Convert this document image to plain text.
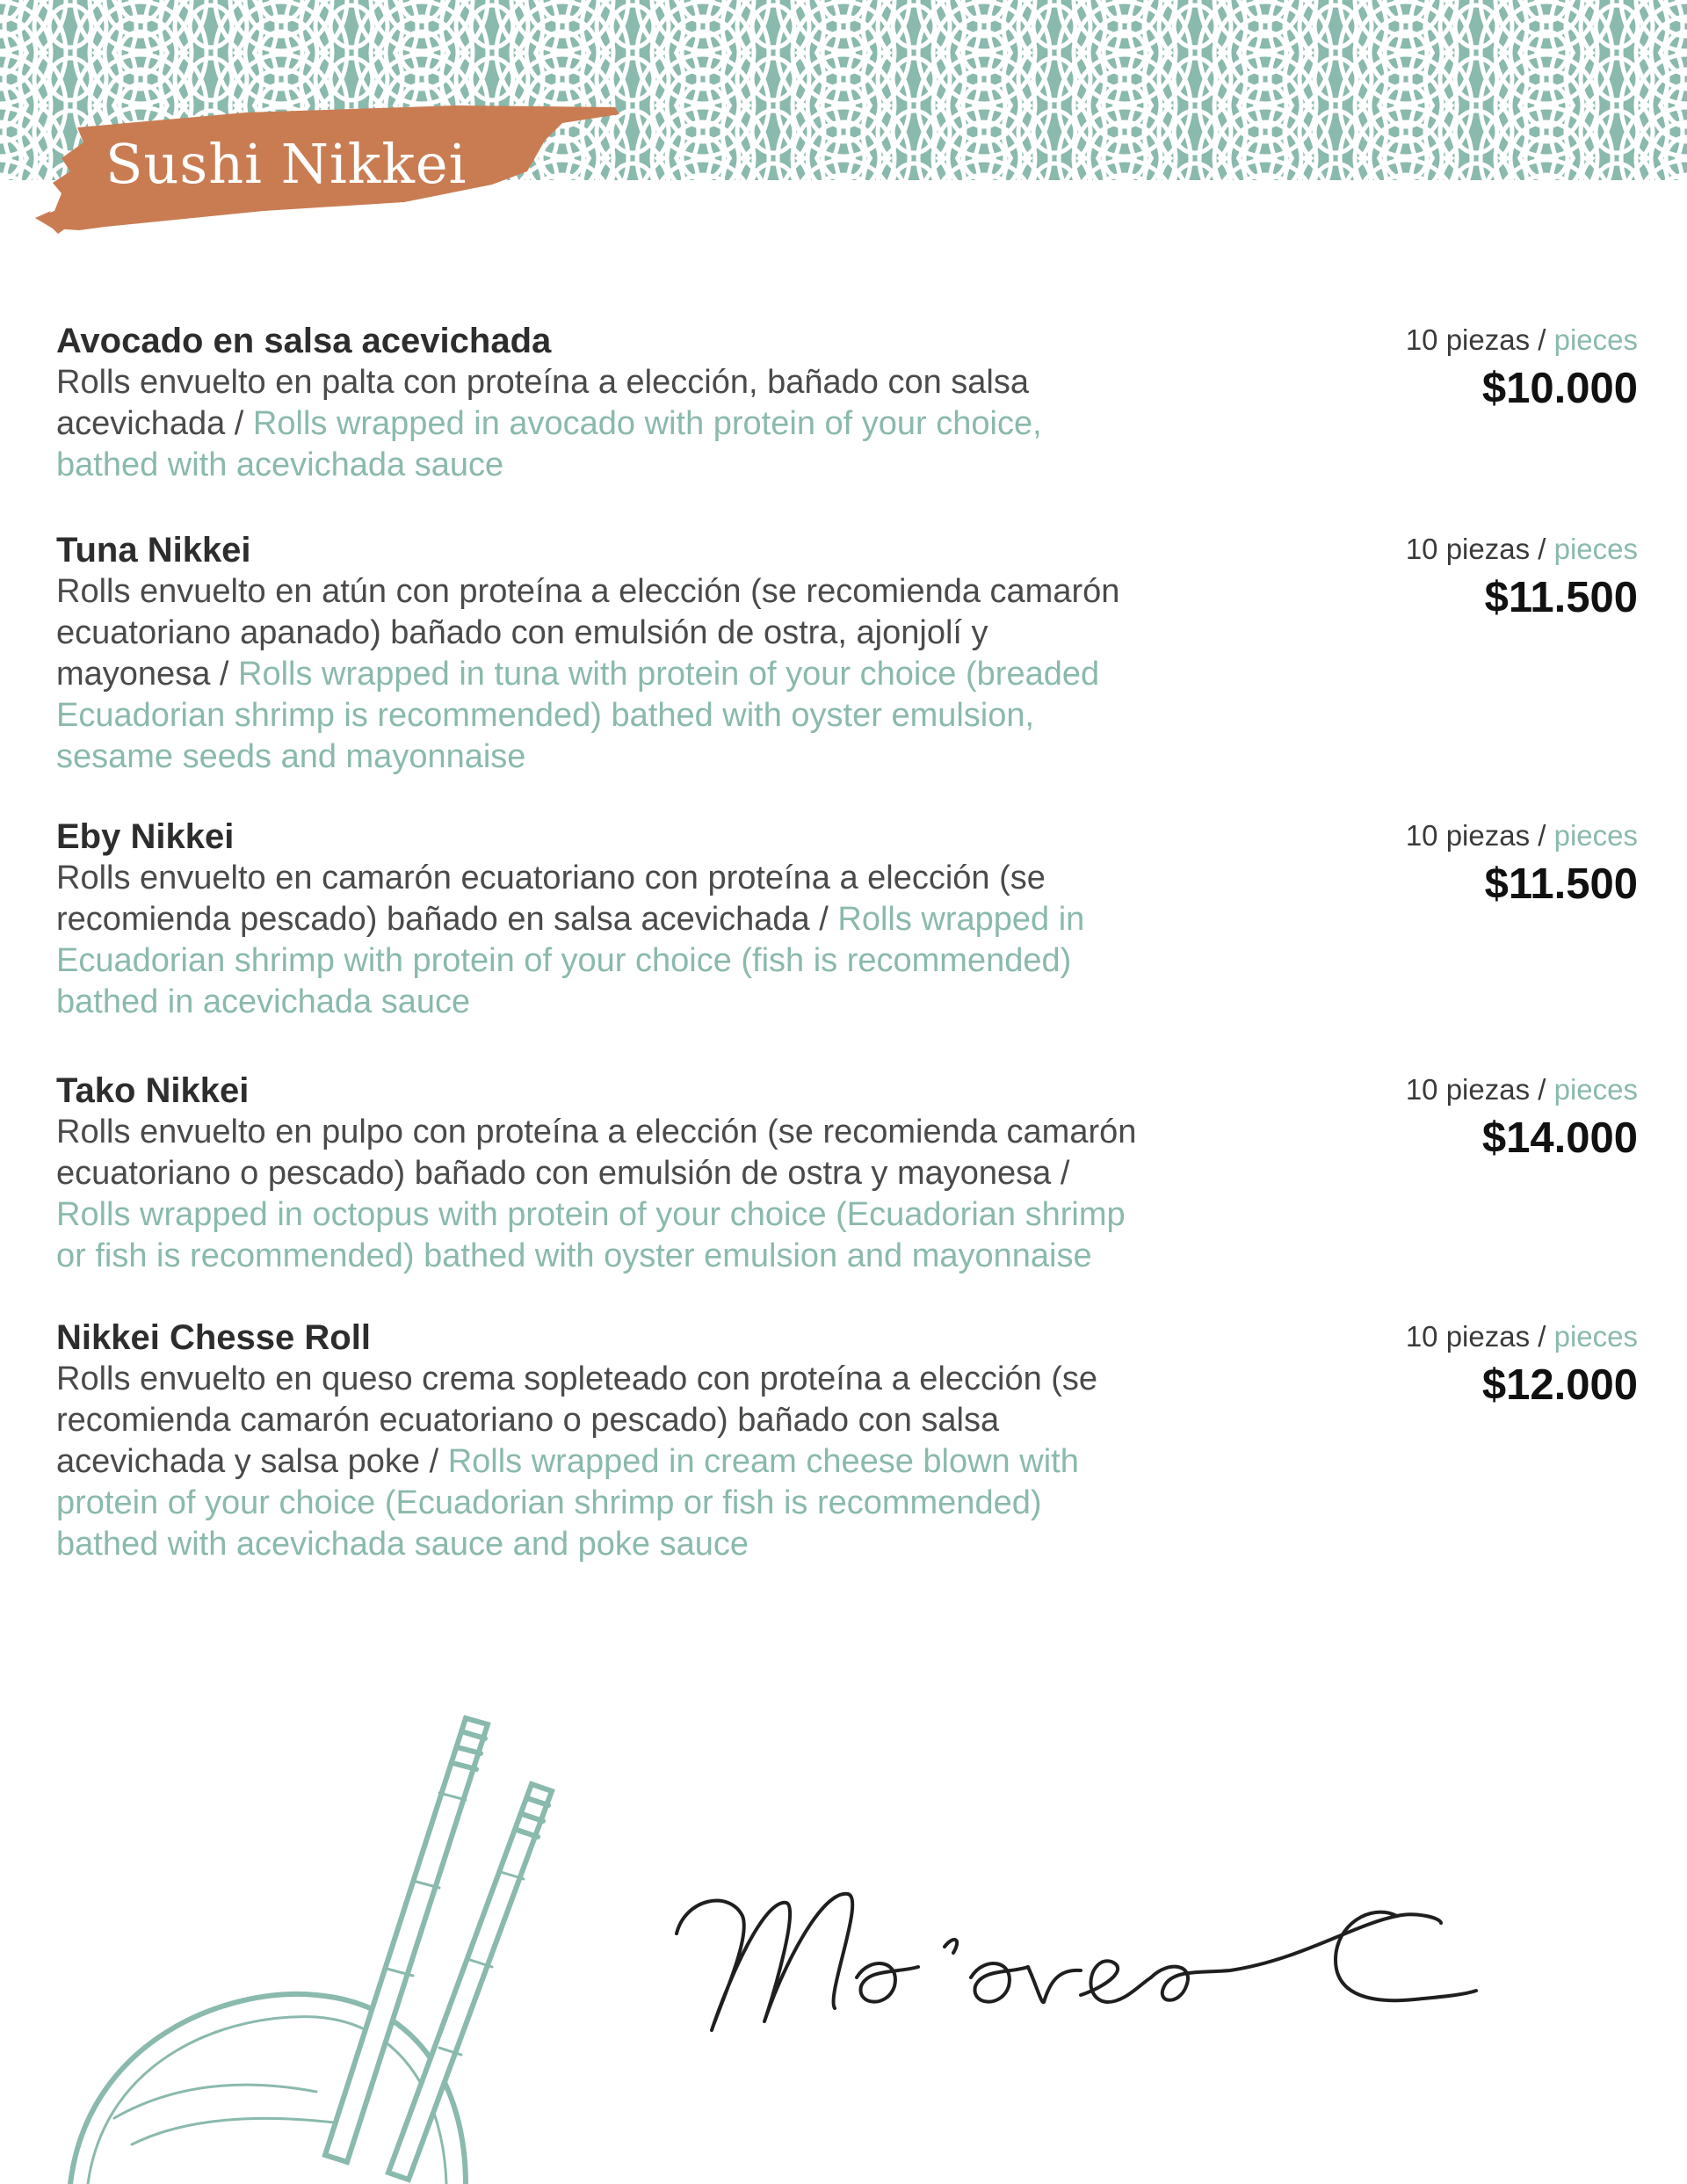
Sushi Nikkei

Avocado en salsa acevichada

Rolls envuelto en palta con proteína a elección, bañado con salsa acevichada / Rolls wrapped in avocado with protein of your choice, bathed with acevichada sauce

10 piezas / pieces
$10.000

Tuna Nikkei

Rolls envuelto en atún con proteína a elección (se recomienda camarón ecuatoriano apanado) bañado con emulsión de ostra, ajonjolí y mayonesa / Rolls wrapped in tuna with protein of your choice (breaded Ecuadorian shrimp is recommended) bathed with oyster emulsion, sesame seeds and mayonnaise

10 piezas / pieces
$11.500

Eby Nikkei

Rolls envuelto en camarón ecuatoriano con proteína a elección (se recomienda pescado) bañado en salsa acevichada / Rolls wrapped in Ecuadorian shrimp with protein of your choice (fish is recommended) bathed in acevichada sauce

10 piezas / pieces
$11.500

Tako Nikkei

Rolls envuelto en pulpo con proteína a elección (se recomienda camarón ecuatoriano o pescado) bañado con emulsión de ostra y mayonesa / Rolls wrapped in octopus with protein of your choice (Ecuadorian shrimp or fish is recommended) bathed with oyster emulsion and mayonnaise

10 piezas / pieces
$14.000

Nikkei Chesse Roll

Rolls envuelto en queso crema sopleteado con proteína a elección (se recomienda camarón ecuatoriano o pescado) bañado con salsa acevichada y salsa poke / Rolls wrapped in cream cheese blown with protein of your choice (Ecuadorian shrimp or fish is recommended) bathed with acevichada sauce and poke sauce

10 piezas / pieces
$12.000
